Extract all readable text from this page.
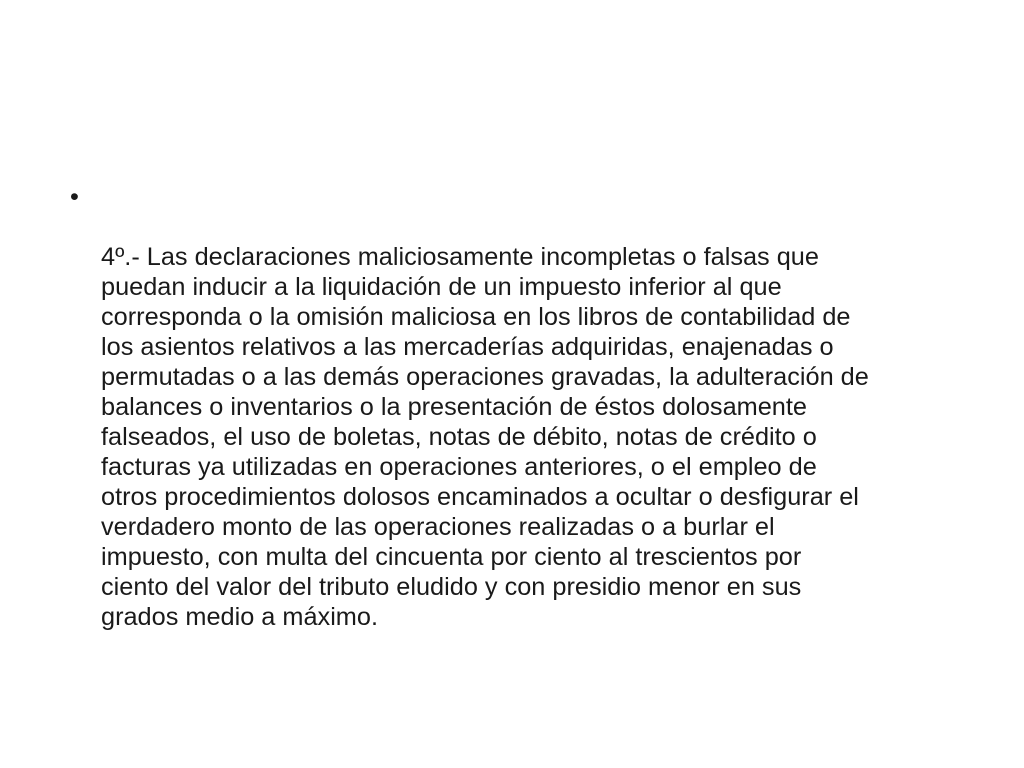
•

4º.- Las declaraciones maliciosamente incompletas o falsas que
puedan inducir a la liquidación de un impuesto inferior al que
corresponda o la omisión maliciosa en los libros de contabilidad de
los asientos relativos a las mercaderías adquiridas, enajenadas o
permutadas o a las demás operaciones gravadas, la adulteración de
balances o inventarios o la presentación de éstos dolosamente
falseados, el uso de boletas, notas de débito, notas de crédito o
facturas ya utilizadas en operaciones anteriores, o el empleo de
otros procedimientos dolosos encaminados a ocultar o desfigurar el
verdadero monto de las operaciones realizadas o a burlar el
impuesto, con multa del cincuenta por ciento al trescientos por
ciento del valor del tributo eludido y con presidio menor en sus
grados medio a máximo.
